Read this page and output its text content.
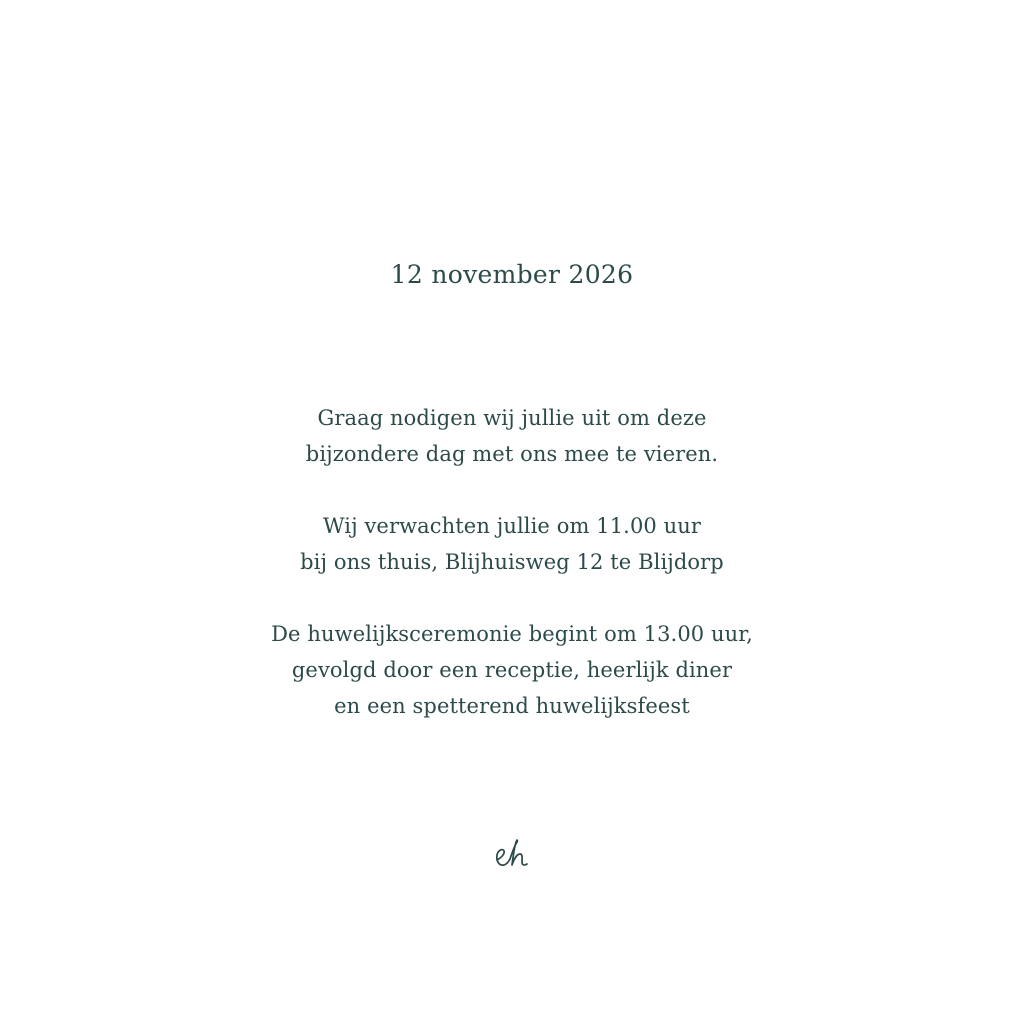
12 november 2026

Graag nodigen wij jullie uit om deze
bijzondere dag met ons mee te vieren.

Wij verwachten jullie om 11.00 uur
bij ons thuis, Blijhuisweg 12 te Blijdorp

De huwelijksceremonie begint om 13.00 uur,
gevolgd door een receptie, heerlijk diner
en een spetterend huwelijksfeest
